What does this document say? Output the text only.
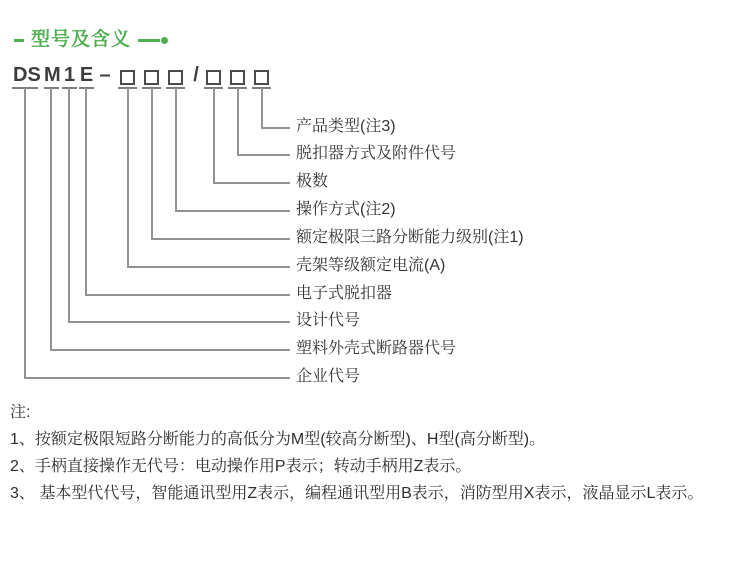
型号及含义
DS M 1 E –	/
产品类型(注3)
脱扣器方式及附件代号
极数
操作方式(注2)
额定极限三路分断能力级别(注1)
壳架等级额定电流(A)
电子式脱扣器
设计代号
塑料外壳式断路器代号
企业代号
注:
1、按额定极限短路分断能力的高低分为M型(较高分断型)、H型(高分断型)。
2、手柄直接操作无代号：电动操作用P表示；转动手柄用Z表示。
3、 基本型代代号，智能通讯型用Z表示，编程通讯型用B表示，消防型用X表示，液晶显示L表示。
